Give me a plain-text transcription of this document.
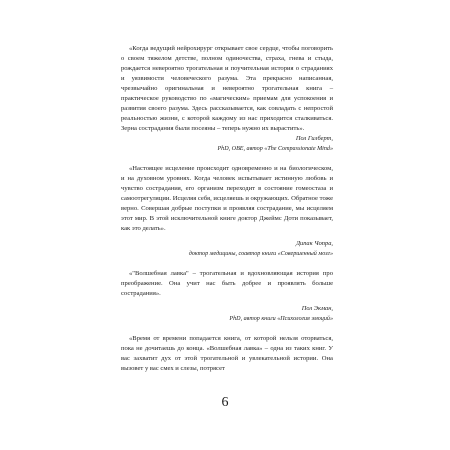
«Когда ведущий нейрохирург открывает свое сердце, чтобы поговорить о своем тяжелом детстве, полном одиночества, страха, гнева и стыда, рождается невероятно трогательная и поучительная история о страданиях и уязвимости человеческого разума. Эта прекрасно написанная, чрезвычайно оригинальная и невероятно трогательная книга – практическое руководство по «магическим» приемам для успокоения и развития своего разума. Здесь рассказывается, как совладать с непростой реальностью жизни, с которой каждому из нас приходится сталкиваться. Зерна сострадания были посеяны – теперь нужно их вырастить».

Пол Гилберт,

PhD, OBE, автор «The Compassionate Mind»

«Настоящее исцеление происходит одновременно и на биологическом, и на духовном уровнях. Когда человек испытывает истинную любовь и чувство сострадания, его организм переходит в состояние гомеостаза и самоотрегуляции. Исцеляя себя, исцеляешь и окружающих. Обратное тоже верно. Совершая добрые поступки и проявляя сострадание, мы исцеляем этот мир. В этой исключительной книге доктор Джеймс Доти показывает, как это делать».

Дипак Чопра,

доктор медицины, соавтор книги «Совершенный мозг»

«"Волшебная лавка" – трогательная и вдохновляющая история про преображение. Она учит нас быть добрее и проявлять больше сострадания».

Пол Экман,

PhD, автор книги «Психология эмоций»

«Время от времени попадается книга, от которой нельзя оторваться, пока не дочитаешь до конца. «Волшебная лавка» – одна из таких книг. У вас захватит дух от этой трогательной и увлекательной истории. Она вызовет у вас смех и слезы, потрясет

6
